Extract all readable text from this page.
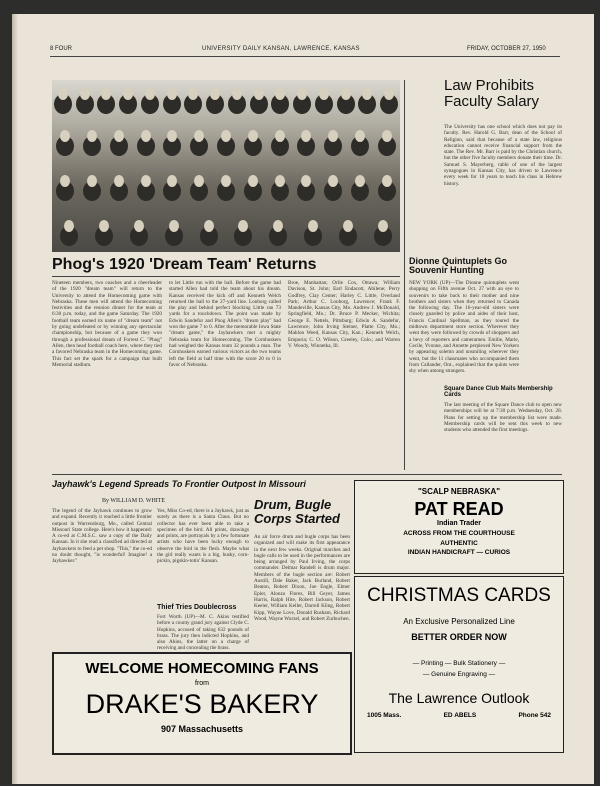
8 FOUR	UNIVERSITY DAILY KANSAN, LAWRENCE, KANSAS	FRIDAY, OCTOBER 27, 1950
Phog's 1920 'Dream Team' Returns
Nineteen members, two coaches and a cheerleader of the 1920 "dream team" will return to the University to attend the Homecoming game with Nebraska. These men will attend the Homecoming festivities and the reunion dinner for the team at 6:30 p.m. today, and the game Saturday. The 1920 football team earned its name of "dream team" not by going undefeated or by winning any spectacular championship, but because of a game they won through a professional dream of Forrest C. "Phog" Allen, then head football coach here, where they tied a favored Nebraska team in the Homecoming game. This fact set the spark for a campaign that built Memorial stadium.
to let Little run with the ball. Before the game had started Allen had told the team about his dream. Kansas received the kick off and Kenneth Welch returned the ball to the 27-yard line. Lonborg called the play and behind perfect blocking Little ran 73 yards for a touchdown. The point was made by Edwin Sandefur and Phog Allen's "dream play" had won the game 7 to 0. After the memorable Iowa State "dream game," the Jayhawkers met a mighty Nebraska team for Homecoming. The Cornhuskers had weighed the Kansas team 32 pounds a man. The Cornhuskers earned various victors as the two teams left the field at half time with the score 20 to 0 in favor of Nebraska.
Broe, Manhattan; Orlie Cox, Ottawa; William Davison, St. John; Earl Endacott, Abilene; Perry Godfrey, Clay Center; Harley C. Little, Overland Park; Arthur C. Lonborg, Lawrence; Frank F. Mandeville, Kansas City, Mo. Andrew J. McDonald, Springfield, Mo.; Dr. Bruce P. Mecker, Wichita; George E. Nettels, Pittsburg; Edwin A. Sandefur, Lawrence; John Irving Steiner, Platte City, Mo.; Mahlon Weed, Kansas City, Kan.; Kenneth Welch, Emporia; C. O. Wilson, Greeley, Colo.; and Warren V. Woody, Winnetka, Ill.
Dionne Quintuplets Go Souvenir Hunting
NEW YORK (UP)—The Dionne quintuplets went shopping on Fifth avenue Oct. 27 with an eye to souvenirs to take back to their mother and nine brothers and sisters when they returned to Canada the following day. The 16-year-old sisters were closely guarded by police and aides of their host, Francis Cardinal Spellman, as they toured the midtown department store section. Wherever they went they were followed by crowds of shoppers and a bevy of reporters and cameramen. Emilie, Marie, Cecile, Yvonne, and Annette perplexed New Yorkers by appearing solemn and unsmiling wherever they went, but the 11 classmates who accompanied them from Callander, Ont., explained that the quints were shy when among strangers.
Law Prohibits Faculty Salary
The University has one school which does not pay its faculty. Rev. Harold G. Barr, dean of the School of Religion, said that because of a state law, religious education cannot receive financial support from the state. The Rev. Mr. Barr is paid by the Christian church, but the other five faculty members donate their time. Dr. Samuel S. Mayerberg, rabbi of one of the largest synagogues in Kansas City, has driven to Lawrence every week for 18 years to teach his class in Hebrew history.
Square Dance Club Mails Membership Cards
The last meeting of the Square Dance club to open new memberships will be at 7:30 p.m. Wednesday, Oct. 28. Plans for setting up the membership list were made. Membership cards will be sent this week to new students who attended the first meetings.
Jayhawk's Legend Spreads To Frontier Outpost In Missouri
By WILLIAM D. WHITE
The legend of the Jayhawk continues to grow and expand. Recently it reached a little frontier outpost in Warrensburg, Mo., called Central Missouri State college. Here's how it happened: A co-ed at C.M.S.C. saw a copy of the Daily Kansan. In it she read a classified ad directed at Jayhawkers to feed a pet shop. "This," the co-ed no doubt thought, "is wonderful! Imagine! a Jayhawker."
Yes, Miss Co-ed, there is a Jayhawk, just as surely as there is a Santa Claus. But no collector has ever been able to take a specimen of the bird. All prints, drawings and prints, are portrayals by a few fortunate artists who have been lucky enough to observe the bird in the flesh. Maybe what the girl really wants is a big, husky, corn-pickin, pigskin-totin' Kansan.
Thief Tries Doublecross
Fort Worth (UP)—M. C. Akins testified before a county grand jury against Clyde C. Hopkins, accused of taking 632 pounds of brass. The jury then indicted Hopkins, and also Akins, the latter on a charge of receiving and concealing the brass.
Drum, Bugle Corps Started
An air force drum and bugle corps has been organized and will make its first appearance in the next few weeks. Original marches and bugle calls to be used in the performances are being arranged by Paul Irving, the corps commander. Delmar Randell is drum major. Members of the bugle section are: Robert Austill, Dale Baker, Jack Burland, Robert Beaton, Robert Dixon, Joe Engle, Elmer Epler, Alonzo Flores, Bill Geyer, James Harris, Ralph Hite, Robert Jackson, Robert Keeler, William Keller, Darrell Kling, Robert Kipp, Wayne Love, Donald Rusham, Richard Wood, Wayne Wurzel, and Robert Zurbuchen.
"SCALP NEBRASKA"
PAT READ
Indian Trader
ACROSS FROM THE COURTHOUSE
AUTHENTIC
INDIAN HANDICRAFT — CURIOS
CHRISTMAS CARDS
An Exclusive Personalized Line
BETTER ORDER NOW
— Printing — Bulk Stationery —
— Genuine Engraving —
The Lawrence Outlook
1005 Mass.	ED ABELS	Phone 542
WELCOME HOMECOMING FANS
from
DRAKE'S BAKERY
907 Massachusetts
